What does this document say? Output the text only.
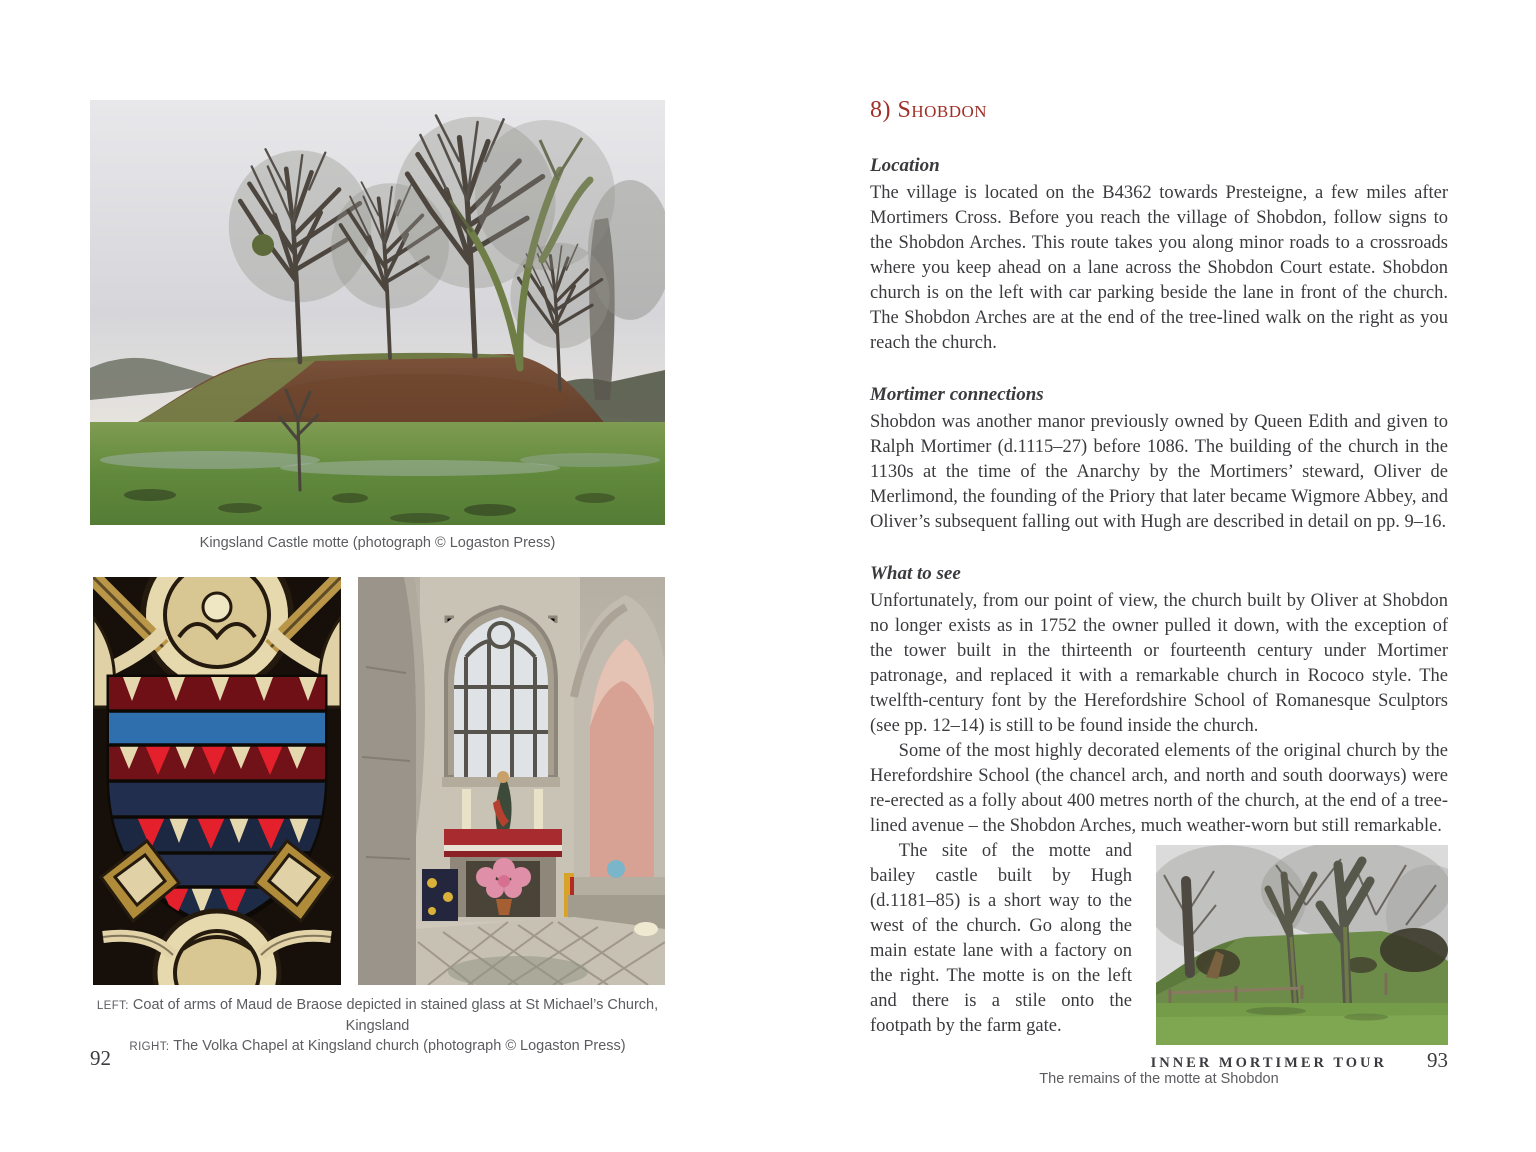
Kingsland Castle motte (photograph © Logaston Press)
LEFT: Coat of arms of Maud de Braose depicted in stained glass at St Michael’s Church, Kingsland
RIGHT: The Volka Chapel at Kingsland church (photograph © Logaston Press)
92
8) Shobdon
Location

The village is located on the B4362 towards Presteigne, a few miles after Mortimers Cross. Before you reach the village of Shobdon, follow signs to the Shobdon Arches. This route takes you along minor roads to a crossroads where you keep ahead on a lane across the Shobdon Court estate. Shobdon church is on the left with car parking beside the lane in front of the church. The Shobdon Arches are at the end of the tree-lined walk on the right as you reach the church.

Mortimer connections

Shobdon was another manor previously owned by Queen Edith and given to Ralph Mortimer (d.1115–27) before 1086. The building of the church in the 1130s at the time of the Anarchy by the Mortimers’ steward, Oliver de Merlimond, the founding of the Priory that later became Wigmore Abbey, and Oliver’s subsequent falling out with Hugh are described in detail on pp. 9–16.

What to see

Unfortunately, from our point of view, the church built by Oliver at Shobdon no longer exists as in 1752 the owner pulled it down, with the exception of the tower built in the thirteenth or fourteenth century under Mortimer patronage, and replaced it with a remarkable church in Rococo style. The twelfth-century font by the Herefordshire School of Romanesque Sculptors (see pp. 12–14) is still to be found inside the church.

Some of the most highly decorated elements of the original church by the Herefordshire School (the chancel arch, and north and south doorways) were re-erected as a folly about 400 metres north of the church, at the end of a tree-lined avenue – the Shobdon Arches, much weather-worn but still remarkable.

The site of the motte and bailey castle built by Hugh (d.1181–85) is a short way to the west of the church. Go along the main estate lane with a factory on the right. The motte is on the left and there is a stile onto the footpath by the farm gate.

The remains of the motte at Shobdon

INNER MORTIMER TOUR 93
